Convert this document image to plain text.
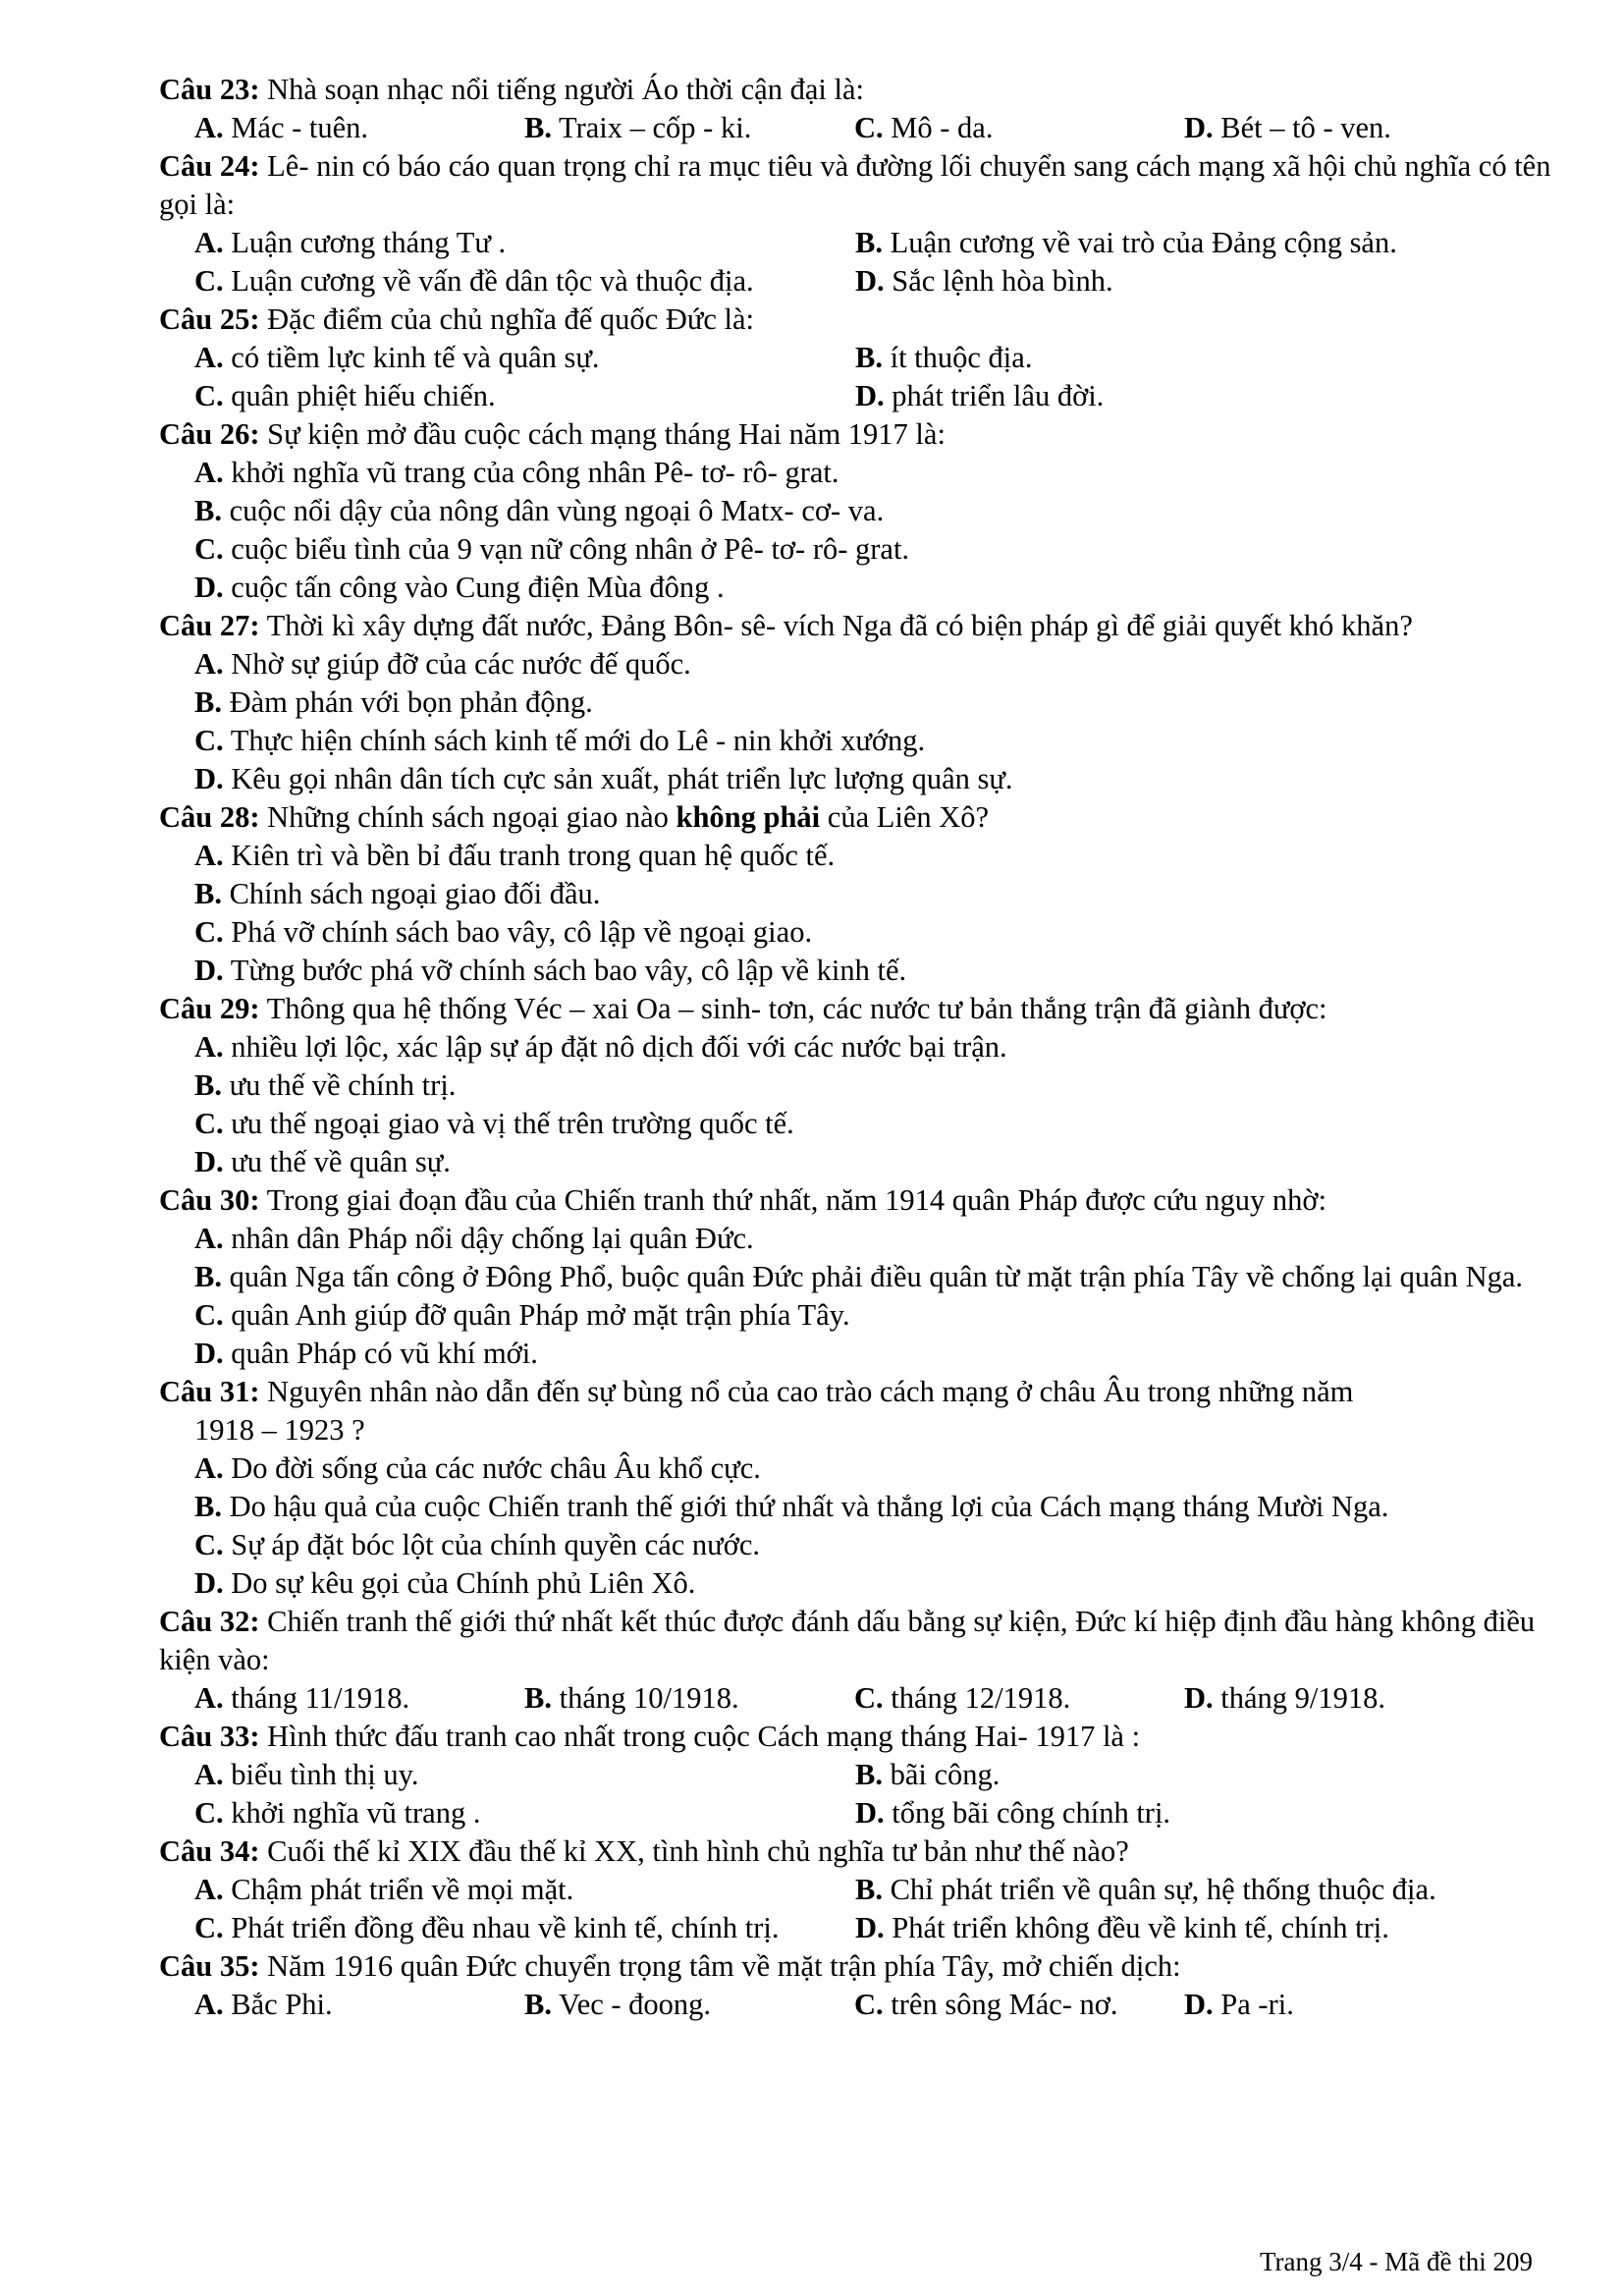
Câu 23: Nhà soạn nhạc nổi tiếng người Áo thời cận đại là:
A. Mác - tuên.	B. Traix – cốp - ki.	C. Mô - da.	D. Bét – tô - ven.
Câu 24: Lê- nin có báo cáo quan trọng chỉ ra mục tiêu và đường lối chuyển sang cách mạng xã hội chủ nghĩa có tên gọi là:
A. Luận cương tháng Tư .	B. Luận cương về vai trò của Đảng cộng sản.
C. Luận cương về vấn đề dân tộc và thuộc địa.	D. Sắc lệnh hòa bình.
Câu 25: Đặc điểm của chủ nghĩa đế quốc Đức là:
A. có tiềm lực kinh tế và quân sự.	B. ít thuộc địa.
C. quân phiệt hiếu chiến.	D. phát triển lâu đời.
Câu 26: Sự kiện mở đầu cuộc cách mạng tháng Hai năm 1917 là:
A. khởi nghĩa vũ trang của công nhân Pê- tơ- rô- grat.
B. cuộc nổi dậy của nông dân vùng ngoại ô Matx- cơ- va.
C. cuộc biểu tình của 9 vạn nữ công nhân ở Pê- tơ- rô- grat.
D. cuộc tấn công vào Cung điện Mùa đông .
Câu 27: Thời kì xây dựng đất nước, Đảng Bôn- sê- vích Nga đã có biện pháp gì để giải quyết khó khăn?
A. Nhờ sự giúp đỡ của các nước đế quốc.
B. Đàm phán với bọn phản động.
C. Thực hiện chính sách kinh tế mới do Lê - nin khởi xướng.
D. Kêu gọi nhân dân tích cực sản xuất, phát triển lực lượng quân sự.
Câu 28: Những chính sách ngoại giao nào không phải của Liên Xô?
A. Kiên trì và bền bỉ đấu tranh trong quan hệ quốc tế.
B. Chính sách ngoại giao đối đầu.
C. Phá vỡ chính sách bao vây, cô lập về ngoại giao.
D. Từng bước phá vỡ chính sách bao vây, cô lập về kinh tế.
Câu 29: Thông qua hệ thống Véc – xai Oa – sinh- tơn, các nước tư bản thắng trận đã giành được:
A. nhiều lợi lộc, xác lập sự áp đặt nô dịch đối với các nước bại trận.
B. ưu thế về chính trị.
C. ưu thế ngoại giao và vị thế trên trường quốc tế.
D. ưu thế về quân sự.
Câu 30: Trong giai đoạn đầu của Chiến tranh thứ nhất, năm 1914 quân Pháp được cứu nguy nhờ:
A. nhân dân Pháp nổi dậy chống lại quân Đức.
B. quân Nga tấn công ở Đông Phổ, buộc quân Đức phải điều quân từ mặt trận phía Tây về chống lại quân Nga.
C. quân Anh giúp đỡ quân Pháp mở mặt trận phía Tây.
D. quân Pháp có vũ khí mới.
Câu 31: Nguyên nhân nào dẫn đến sự bùng nổ của cao trào cách mạng ở châu Âu trong những năm
1918 – 1923 ?
A. Do đời sống của các nước châu Âu khổ cực.
B. Do hậu quả của cuộc Chiến tranh thế giới thứ nhất và thắng lợi của Cách mạng tháng Mười Nga.
C. Sự áp đặt bóc lột của chính quyền các nước.
D. Do sự kêu gọi của Chính phủ Liên Xô.
Câu 32: Chiến tranh thế giới thứ nhất kết thúc được đánh dấu bằng sự kiện, Đức kí hiệp định đầu hàng không điều kiện vào:
A. tháng 11/1918.	B. tháng 10/1918.	C. tháng 12/1918.	D. tháng 9/1918.
Câu 33: Hình thức đấu tranh cao nhất trong cuộc Cách mạng tháng Hai- 1917 là :
A. biểu tình thị uy.	B. bãi công.
C. khởi nghĩa vũ trang .	D. tổng bãi công chính trị.
Câu 34: Cuối thế kỉ XIX đầu thế kỉ XX, tình hình chủ nghĩa tư bản như thế nào?
A. Chậm phát triển về mọi mặt.	B. Chỉ phát triển về quân sự, hệ thống thuộc địa.
C. Phát triển đồng đều nhau về kinh tế, chính trị.	D. Phát triển không đều về kinh tế, chính trị.
Câu 35: Năm 1916 quân Đức chuyển trọng tâm về mặt trận phía Tây, mở chiến dịch:
A. Bắc Phi.	B. Vec - đoong.	C. trên sông Mác- nơ. D. Pa -ri.
Trang 3/4 - Mã đề thi 209
